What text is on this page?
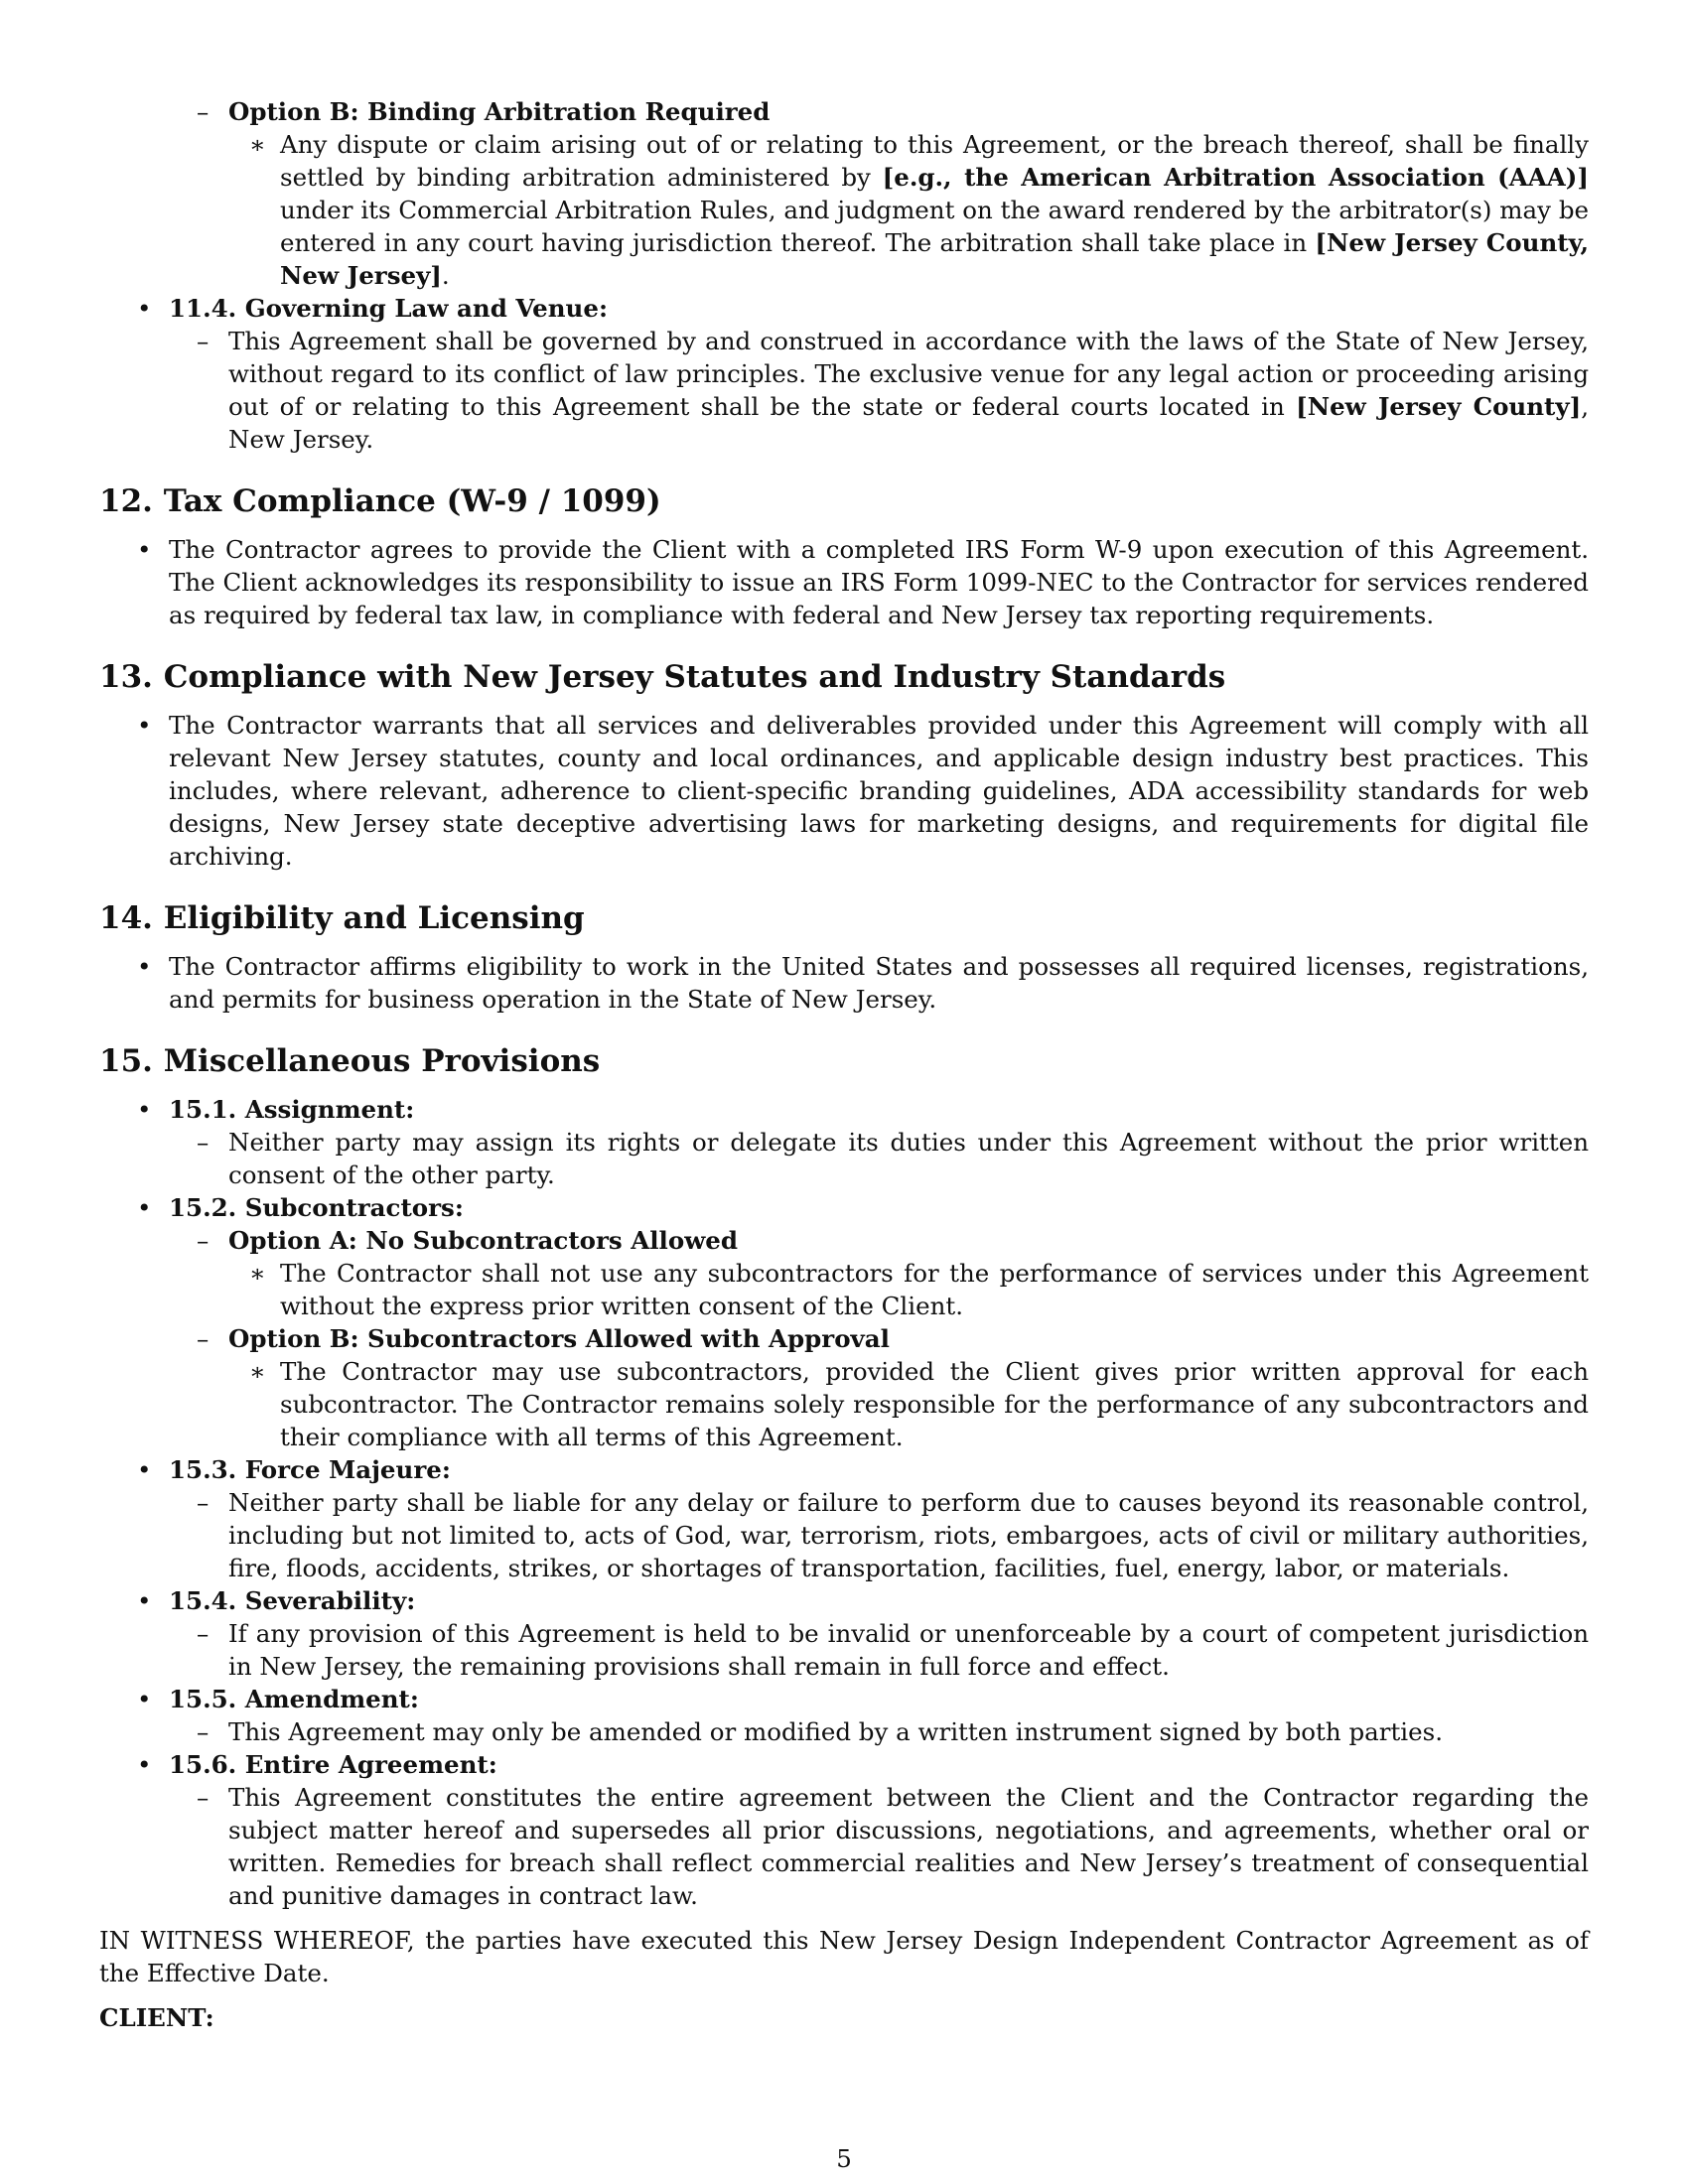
– Option B: Binding Arbitration Required
∗ Any dispute or claim arising out of or relating to this Agreement, or the breach thereof, shall be finally settled by binding arbitration administered by [e.g., the American Arbitration Association (AAA)] under its Commercial Arbitration Rules, and judgment on the award rendered by the arbitrator(s) may be entered in any court having jurisdiction thereof. The arbitration shall take place in [New Jersey County, New Jersey].
• 11.4. Governing Law and Venue:
– This Agreement shall be governed by and construed in accordance with the laws of the State of New Jersey, without regard to its conflict of law principles. The exclusive venue for any legal action or proceeding arising out of or relating to this Agreement shall be the state or federal courts located in [New Jersey County], New Jersey.
12. Tax Compliance (W-9 / 1099)
• The Contractor agrees to provide the Client with a completed IRS Form W-9 upon execution of this Agreement. The Client acknowledges its responsibility to issue an IRS Form 1099-NEC to the Contractor for services rendered as required by federal tax law, in compliance with federal and New Jersey tax reporting requirements.
13. Compliance with New Jersey Statutes and Industry Standards
• The Contractor warrants that all services and deliverables provided under this Agreement will comply with all relevant New Jersey statutes, county and local ordinances, and applicable design industry best practices. This includes, where relevant, adherence to client-specific branding guidelines, ADA accessibility standards for web designs, New Jersey state deceptive advertising laws for marketing designs, and requirements for digital file archiving.
14. Eligibility and Licensing
• The Contractor affirms eligibility to work in the United States and possesses all required licenses, registrations, and permits for business operation in the State of New Jersey.
15. Miscellaneous Provisions
• 15.1. Assignment:
– Neither party may assign its rights or delegate its duties under this Agreement without the prior written consent of the other party.
• 15.2. Subcontractors:
– Option A: No Subcontractors Allowed
∗ The Contractor shall not use any subcontractors for the performance of services under this Agreement without the express prior written consent of the Client.
– Option B: Subcontractors Allowed with Approval
∗ The Contractor may use subcontractors, provided the Client gives prior written approval for each subcontractor. The Contractor remains solely responsible for the performance of any subcontractors and their compliance with all terms of this Agreement.
• 15.3. Force Majeure:
– Neither party shall be liable for any delay or failure to perform due to causes beyond its reasonable control, including but not limited to, acts of God, war, terrorism, riots, embargoes, acts of civil or military authorities, fire, floods, accidents, strikes, or shortages of transportation, facilities, fuel, energy, labor, or materials.
• 15.4. Severability:
– If any provision of this Agreement is held to be invalid or unenforceable by a court of competent jurisdiction in New Jersey, the remaining provisions shall remain in full force and effect.
• 15.5. Amendment:
– This Agreement may only be amended or modified by a written instrument signed by both parties.
• 15.6. Entire Agreement:
– This Agreement constitutes the entire agreement between the Client and the Contractor regarding the subject matter hereof and supersedes all prior discussions, negotiations, and agreements, whether oral or written. Remedies for breach shall reflect commercial realities and New Jersey’s treatment of consequential and punitive damages in contract law.
IN WITNESS WHEREOF, the parties have executed this New Jersey Design Independent Contractor Agreement as of the Effective Date.
CLIENT:
5
